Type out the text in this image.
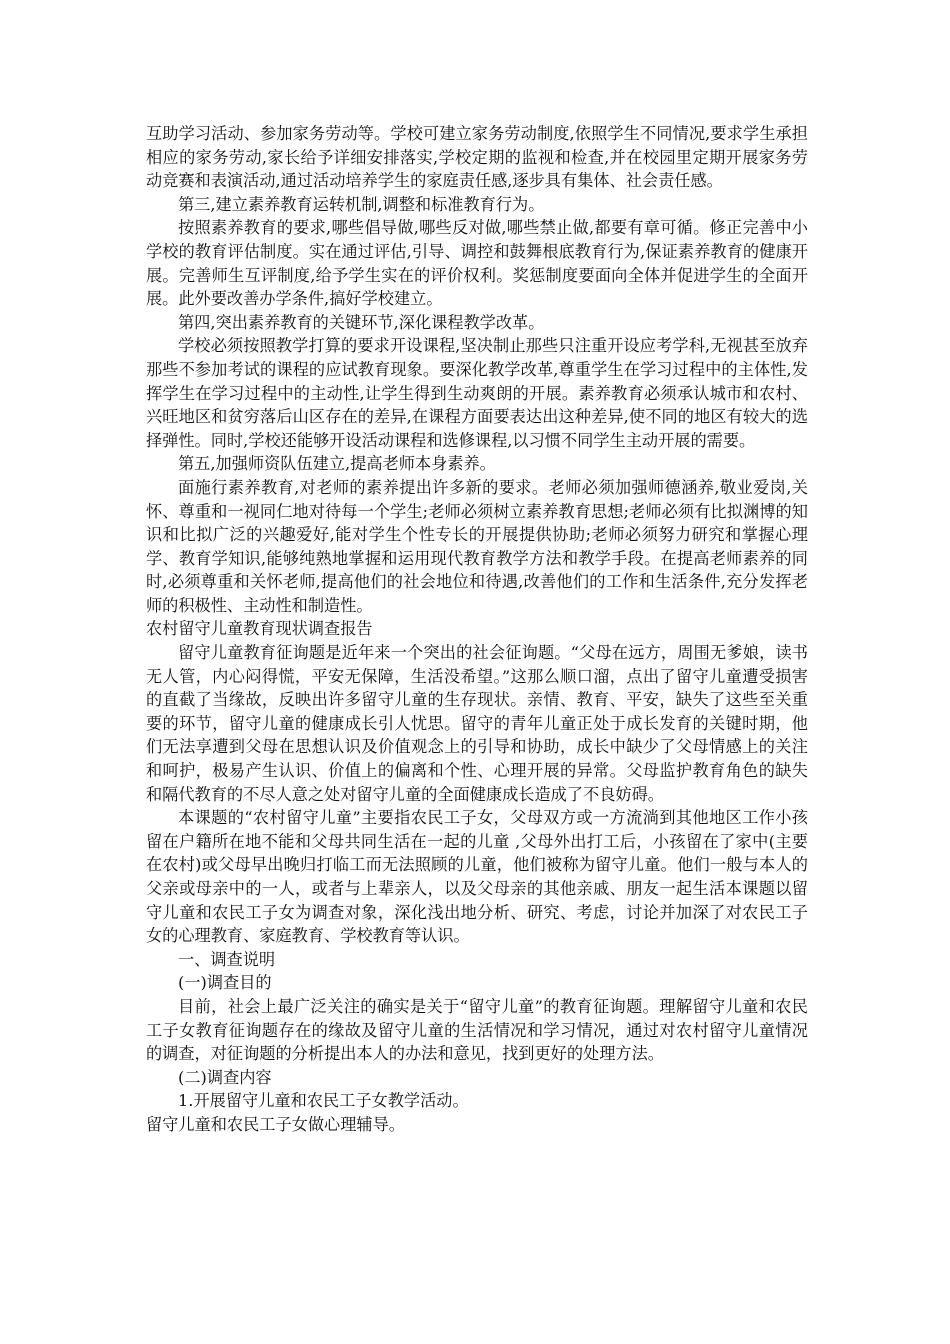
互助学习活动、参加家务劳动等。学校可建立家务劳动制度,依照学生不同情况,要求学生承担相应的家务劳动,家长给予详细安排落实,学校定期的监视和检查,并在校园里定期开展家务劳动竞赛和表演活动,通过活动培养学生的家庭责任感,逐步具有集体、社会责任感。

第三,建立素养教育运转机制,调整和标准教育行为。

按照素养教育的要求,哪些倡导做,哪些反对做,哪些禁止做,都要有章可循。修正完善中小学校的教育评估制度。实在通过评估,引导、调控和鼓舞根底教育行为,保证素养教育的健康开展。完善师生互评制度,给予学生实在的评价权利。奖惩制度要面向全体并促进学生的全面开展。此外要改善办学条件,搞好学校建立。

第四,突出素养教育的关键环节,深化课程教学改革。

学校必须按照教学打算的要求开设课程,坚决制止那些只注重开设应考学科,无视甚至放弃那些不参加考试的课程的应试教育现象。要深化教学改革,尊重学生在学习过程中的主体性,发挥学生在学习过程中的主动性,让学生得到生动爽朗的开展。素养教育必须承认城市和农村、兴旺地区和贫穷落后山区存在的差异,在课程方面要表达出这种差异,使不同的地区有较大的选择弹性。同时,学校还能够开设活动课程和选修课程,以习惯不同学生主动开展的需要。

第五,加强师资队伍建立,提高老师本身素养。

面施行素养教育,对老师的素养提出许多新的要求。老师必须加强师德涵养,敬业爱岗,关怀、尊重和一视同仁地对待每一个学生;老师必须树立素养教育思想;老师必须有比拟渊博的知识和比拟广泛的兴趣爱好,能对学生个性专长的开展提供协助;老师必须努力研究和掌握心理学、教育学知识,能够纯熟地掌握和运用现代教育教学方法和教学手段。在提高老师素养的同时,必须尊重和关怀老师,提高他们的社会地位和待遇,改善他们的工作和生活条件,充分发挥老师的积极性、主动性和制造性。

农村留守儿童教育现状调查报告

留守儿童教育征询题是近年来一个突出的社会征询题。“父母在远方，周围无爹娘，读书无人管，内心闷得慌，平安无保障，生活没希望。”这那么顺口溜，点出了留守儿童遭受损害的直截了当缘故，反映出许多留守儿童的生存现状。亲情、教育、平安，缺失了这些至关重要的环节，留守儿童的健康成长引人忧思。留守的青年儿童正处于成长发育的关键时期，他们无法享遭到父母在思想认识及价值观念上的引导和协助，成长中缺少了父母情感上的关注和呵护，极易产生认识、价值上的偏离和个性、心理开展的异常。父母监护教育角色的缺失和隔代教育的不尽人意之处对留守儿童的全面健康成长造成了不良妨碍。

本课题的“农村留守儿童”主要指农民工子女，父母双方或一方流淌到其他地区工作小孩留在户籍所在地不能和父母共同生活在一起的儿童 ,父母外出打工后，小孩留在了家中(主要在农村)或父母早出晚归打临工而无法照顾的儿童，他们被称为留守儿童。他们一般与本人的父亲或母亲中的一人，或者与上辈亲人，以及父母亲的其他亲戚、朋友一起生活本课题以留守儿童和农民工子女为调查对象，深化浅出地分析、研究、考虑，讨论并加深了对农民工子女的心理教育、家庭教育、学校教育等认识。

一、调查说明

(一)调查目的

目前，社会上最广泛关注的确实是关于“留守儿童”的教育征询题。理解留守儿童和农民工子女教育征询题存在的缘故及留守儿童的生活情况和学习情况，通过对农村留守儿童情况的调查，对征询题的分析提出本人的办法和意见，找到更好的处理方法。

(二)调查内容

1.开展留守儿童和农民工子女教学活动。

留守儿童和农民工子女做心理辅导。
